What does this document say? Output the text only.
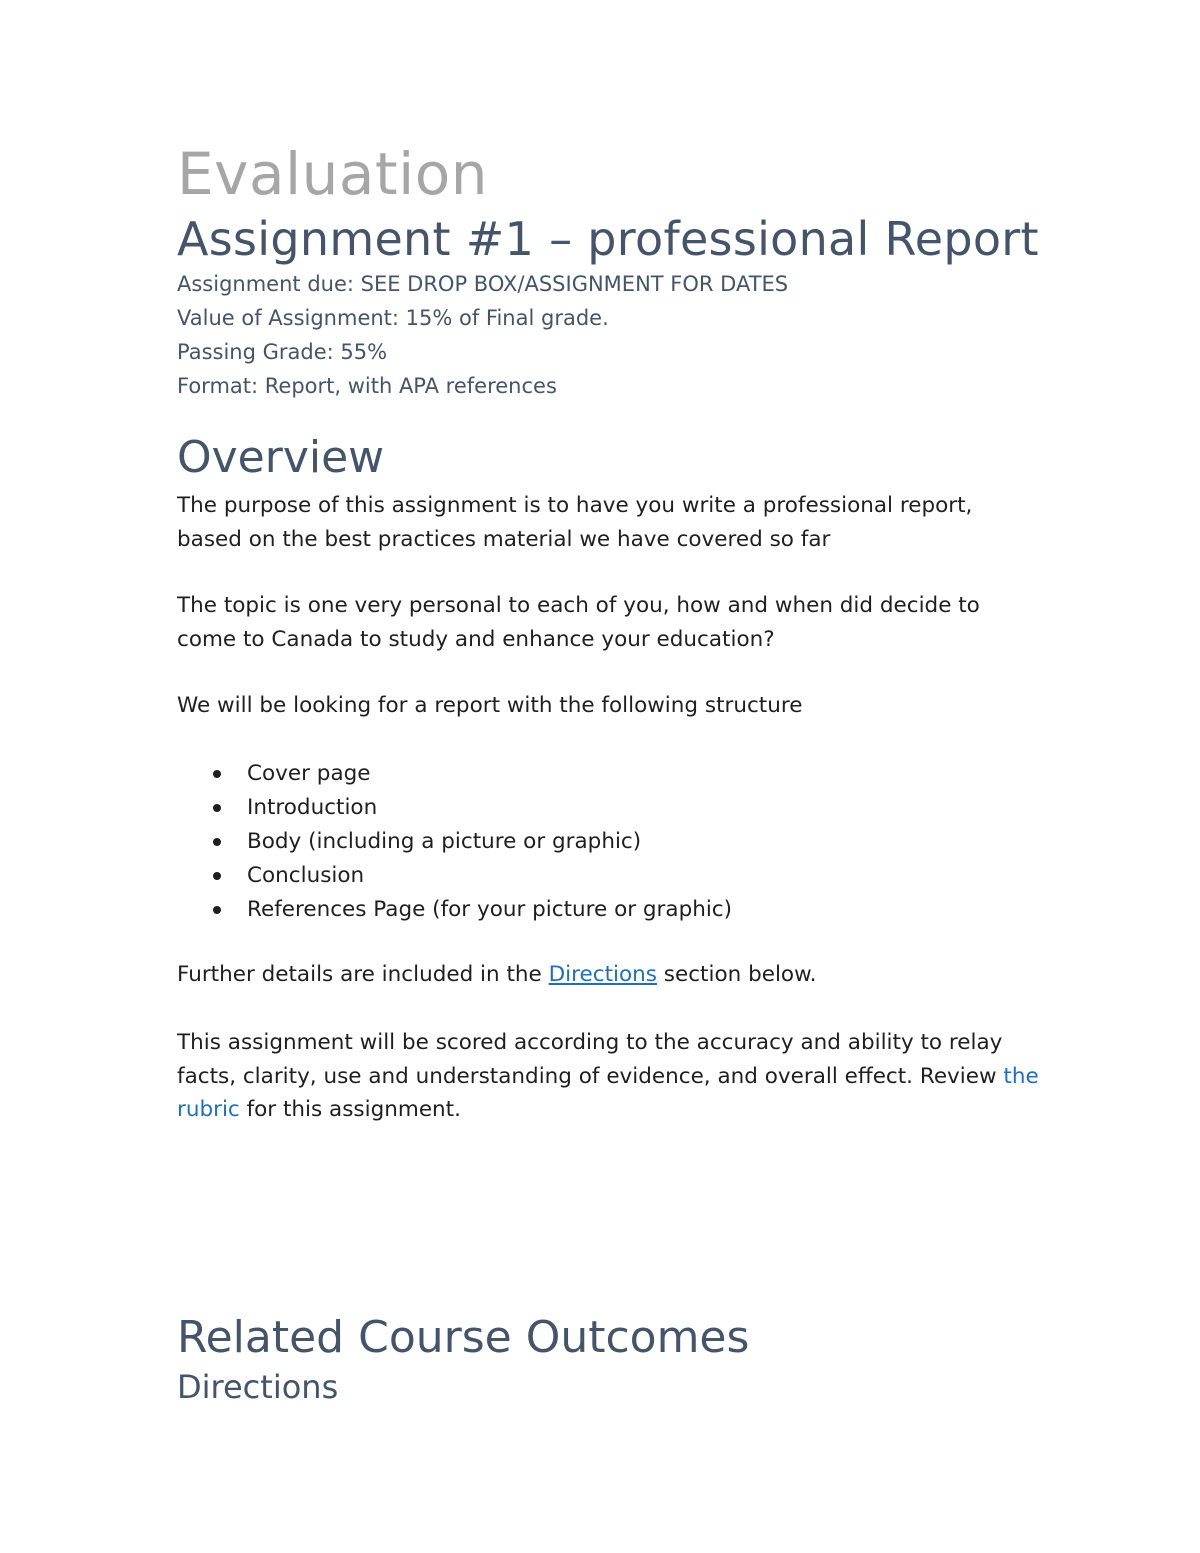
Evaluation
Assignment #1 – professional Report
Assignment due: SEE DROP BOX/ASSIGNMENT FOR DATES
Value of Assignment: 15% of Final grade.
Passing Grade: 55%
Format: Report, with APA references
Overview
The purpose of this assignment is to have you write a professional report,
based on the best practices material we have covered so far
The topic is one very personal to each of you, how and when did decide to
come to Canada to study and enhance your education?
We will be looking for a report with the following structure
Cover page
Introduction
Body (including a picture or graphic)
Conclusion
References Page (for your picture or graphic)
Further details are included in the Directions section below.
This assignment will be scored according to the accuracy and ability to relay
facts, clarity, use and understanding of evidence, and overall effect. Review the
rubric for this assignment.
Related Course Outcomes
Directions
